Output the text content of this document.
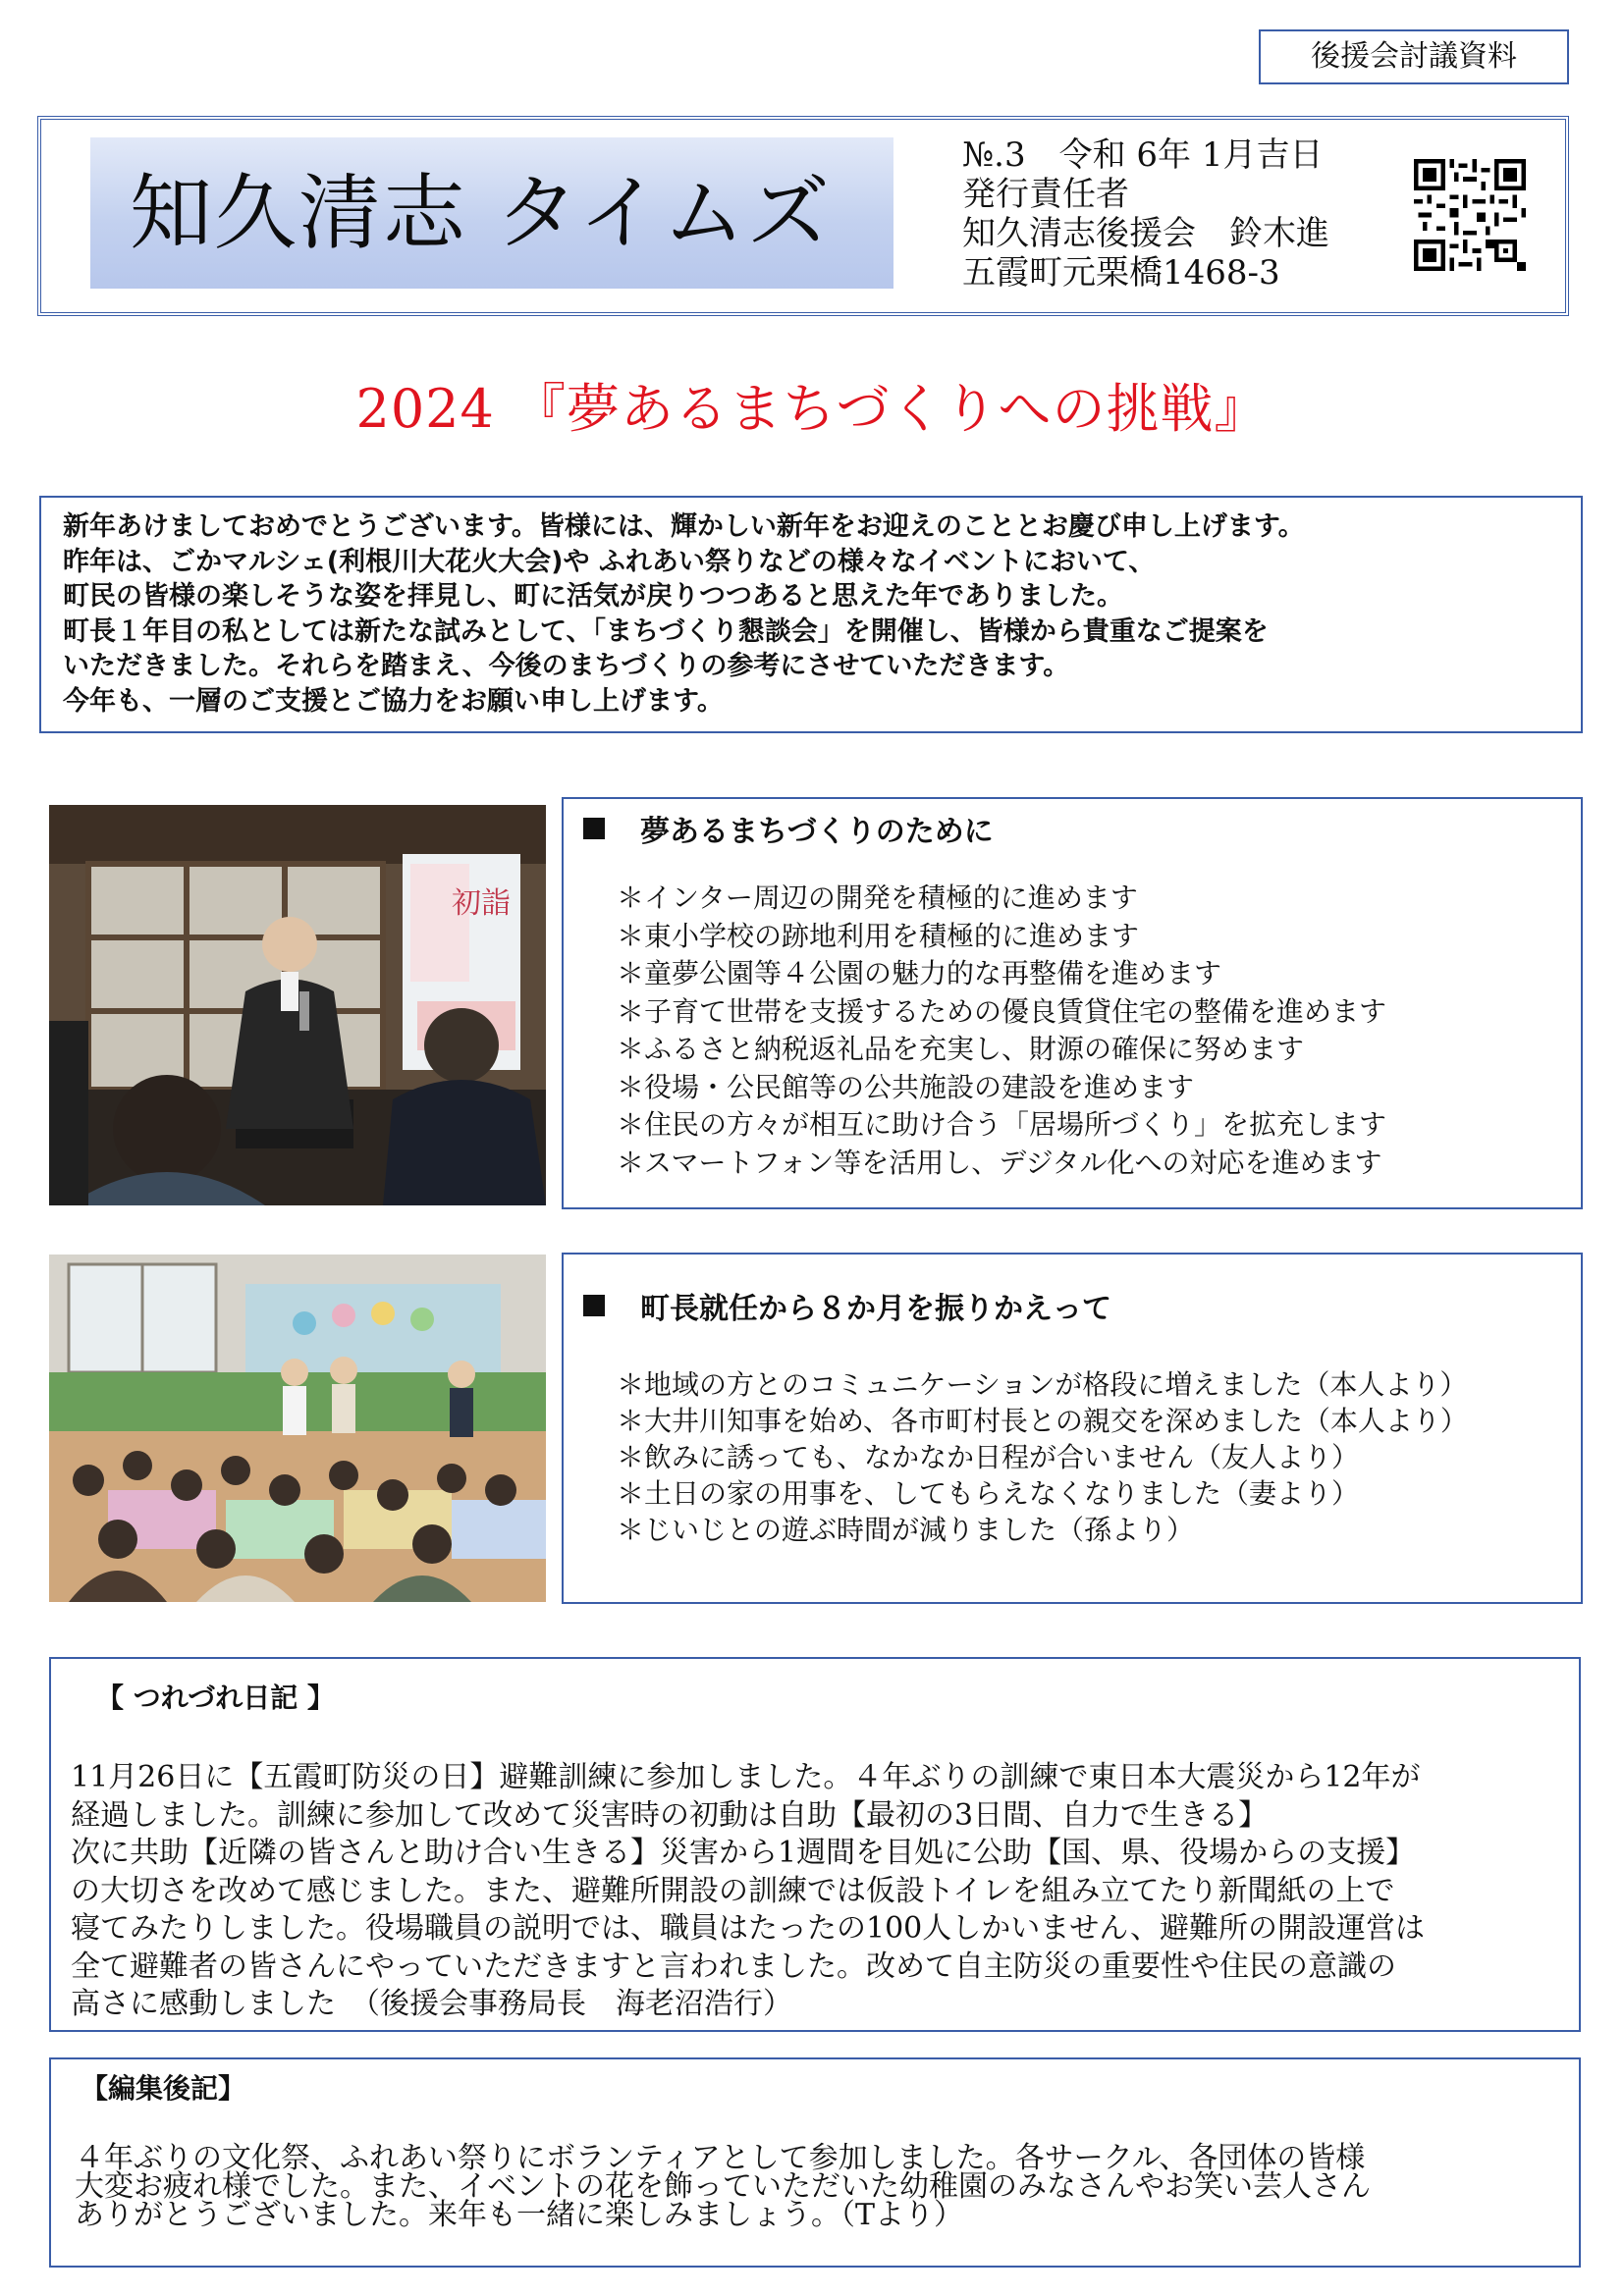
後援会討議資料
知久清志 タイムズ
№.3　令和 6年 1月吉日
発行責任者
知久清志後援会　鈴木進
五霞町元栗橋1468-3
2024 『夢あるまちづくりへの挑戦』
新年あけましておめでとうございます。皆様には、輝かしい新年をお迎えのこととお慶び申し上げます。
昨年は、ごかマルシェ(利根川大花火大会)や ふれあい祭りなどの様々なイベントにおいて、
町民の皆様の楽しそうな姿を拝見し、町に活気が戻りつつあると思えた年でありました。
町長１年目の私としては新たな試みとして、「まちづくり懇談会」を開催し、皆様から貴重なご提案を
いただきました。それらを踏まえ、今後のまちづくりの参考にさせていただきます。
今年も、一層のご支援とご協力をお願い申し上げます。
初詣
夢あるまちづくりのために
＊インター周辺の開発を積極的に進めます
＊東小学校の跡地利用を積極的に進めます
＊童夢公園等４公園の魅力的な再整備を進めます
＊子育て世帯を支援するための優良賃貸住宅の整備を進めます
＊ふるさと納税返礼品を充実し、財源の確保に努めます
＊役場・公民館等の公共施設の建設を進めます
＊住民の方々が相互に助け合う「居場所づくり」を拡充します
＊スマートフォン等を活用し、デジタル化への対応を進めます
町長就任から８か月を振りかえって
＊地域の方とのコミュニケーションが格段に増えました（本人より）
＊大井川知事を始め、各市町村長との親交を深めました（本人より）
＊飲みに誘っても、なかなか日程が合いません（友人より）
＊土日の家の用事を、してもらえなくなりました（妻より）
＊じいじとの遊ぶ時間が減りました（孫より）
【 つれづれ日記 】
11月26日に【五霞町防災の日】避難訓練に参加しました。４年ぶりの訓練で東日本大震災から12年が
経過しました。訓練に参加して改めて災害時の初動は自助【最初の3日間、自力で生きる】
次に共助【近隣の皆さんと助け合い生きる】災害から1週間を目処に公助【国、県、役場からの支援】
の大切さを改めて感じました。また、避難所開設の訓練では仮設トイレを組み立てたり新聞紙の上で
寝てみたりしました。役場職員の説明では、職員はたったの100人しかいません、避難所の開設運営は
全て避難者の皆さんにやっていただきますと言われました。改めて自主防災の重要性や住民の意識の
高さに感動しました　（後援会事務局長　海老沼浩行）
【編集後記】
４年ぶりの文化祭、ふれあい祭りにボランティアとして参加しました。各サークル、各団体の皆様
大変お疲れ様でした。また、イベントの花を飾っていただいた幼稚園のみなさんやお笑い芸人さん
ありがとうございました。来年も一緒に楽しみましょう。（Tより）
